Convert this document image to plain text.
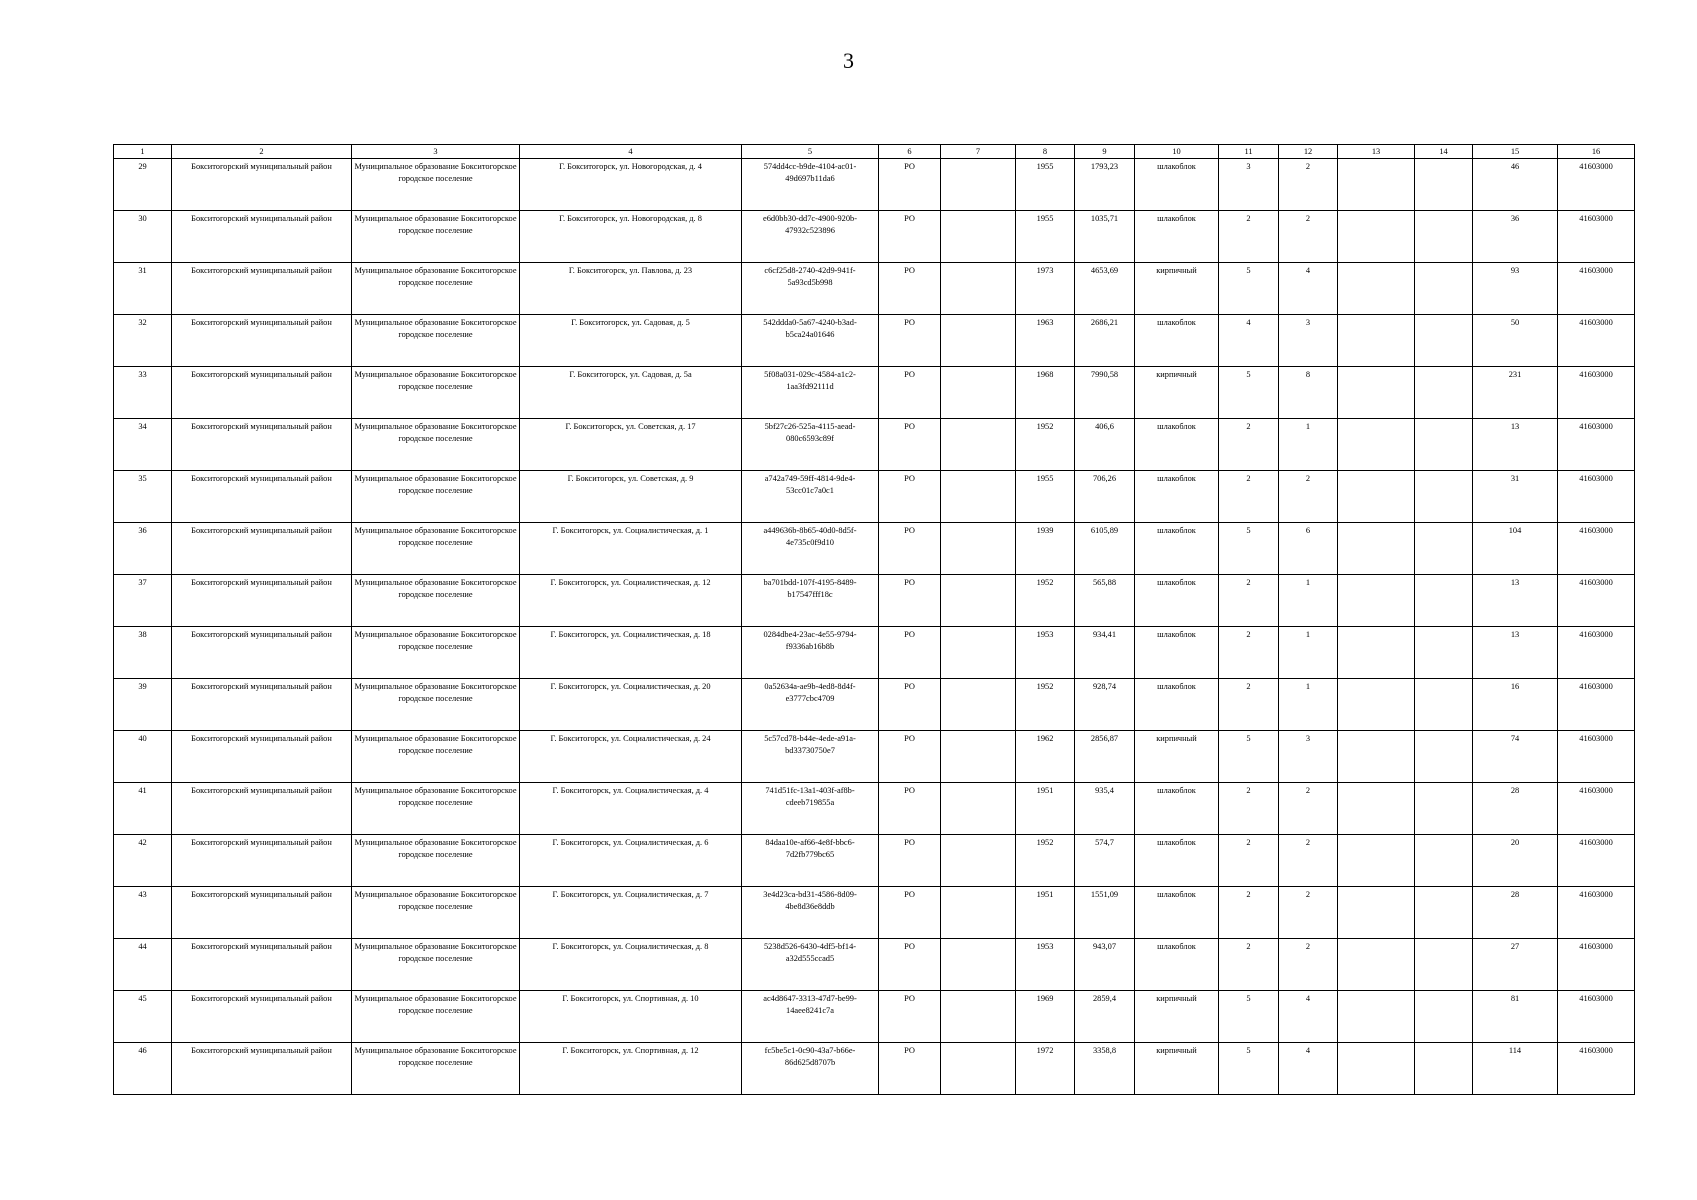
3
1	2	3	4	5	6	7	8	9	10	11	12	13	14	15	16
29	Бокситогорский муниципальный район	Муниципальное образование Бокситогорское городское поселение	Г. Бокситогорск, ул. Новогородская, д. 4	574dd4cc-b9de-4104-ac01-49d697b11da6	РО		1955	1793,23	шлакоблок	3	2			46	41603000
30	Бокситогорский муниципальный район	Муниципальное образование Бокситогорское городское поселение	Г. Бокситогорск, ул. Новогородская, д. 8	e6d0bb30-dd7c-4900-920b-47932c523896	РО		1955	1035,71	шлакоблок	2	2			36	41603000
31	Бокситогорский муниципальный район	Муниципальное образование Бокситогорское городское поселение	Г. Бокситогорск, ул. Павлова, д. 23	c6cf25d8-2740-42d9-941f-5a93cd5b998	РО		1973	4653,69	кирпичный	5	4			93	41603000
32	Бокситогорский муниципальный район	Муниципальное образование Бокситогорское городское поселение	Г. Бокситогорск, ул. Садовая, д. 5	542ddda0-5a67-4240-b3ad-b5ca24a01646	РО		1963	2686,21	шлакоблок	4	3			50	41603000
33	Бокситогорский муниципальный район	Муниципальное образование Бокситогорское городское поселение	Г. Бокситогорск, ул. Садовая, д. 5а	5f08a031-029c-4584-a1c2-1aa3fd92111d	РО		1968	7990,58	кирпичный	5	8			231	41603000
34	Бокситогорский муниципальный район	Муниципальное образование Бокситогорское городское поселение	Г. Бокситогорск, ул. Советская, д. 17	5bf27c26-525a-4115-aead-080c6593c89f	РО		1952	406,6	шлакоблок	2	1			13	41603000
35	Бокситогорский муниципальный район	Муниципальное образование Бокситогорское городское поселение	Г. Бокситогорск, ул. Советская, д. 9	a742a749-59ff-4814-9de4-53cc01c7a0c1	РО		1955	706,26	шлакоблок	2	2			31	41603000
36	Бокситогорский муниципальный район	Муниципальное образование Бокситогорское городское поселение	Г. Бокситогорск, ул. Социалистическая, д. 1	a449636b-8b65-40d0-8d5f-4e735c0f9d10	РО		1939	6105,89	шлакоблок	5	6			104	41603000
37	Бокситогорский муниципальный район	Муниципальное образование Бокситогорское городское поселение	Г. Бокситогорск, ул. Социалистическая, д. 12	ba701bdd-107f-4195-8489-b17547fff18c	РО		1952	565,88	шлакоблок	2	1			13	41603000
38	Бокситогорский муниципальный район	Муниципальное образование Бокситогорское городское поселение	Г. Бокситогорск, ул. Социалистическая, д. 18	0284dbe4-23ac-4e55-9794-f9336ab16b8b	РО		1953	934,41	шлакоблок	2	1			13	41603000
39	Бокситогорский муниципальный район	Муниципальное образование Бокситогорское городское поселение	Г. Бокситогорск, ул. Социалистическая, д. 20	0a52634a-ae9b-4ed8-8d4f-e3777cbc4709	РО		1952	928,74	шлакоблок	2	1			16	41603000
40	Бокситогорский муниципальный район	Муниципальное образование Бокситогорское городское поселение	Г. Бокситогорск, ул. Социалистическая, д. 24	5c57cd78-b44e-4ede-a91a-bd33730750e7	РО		1962	2856,87	кирпичный	5	3			74	41603000
41	Бокситогорский муниципальный район	Муниципальное образование Бокситогорское городское поселение	Г. Бокситогорск, ул. Социалистическая, д. 4	741d51fc-13a1-403f-af8b-cdeeb719855a	РО		1951	935,4	шлакоблок	2	2			28	41603000
42	Бокситогорский муниципальный район	Муниципальное образование Бокситогорское городское поселение	Г. Бокситогорск, ул. Социалистическая, д. 6	84daa10e-af66-4e8f-bbc6-7d2fb779bc65	РО		1952	574,7	шлакоблок	2	2			20	41603000
43	Бокситогорский муниципальный район	Муниципальное образование Бокситогорское городское поселение	Г. Бокситогорск, ул. Социалистическая, д. 7	3e4d23ca-bd31-4586-8d09-4be8d36e8ddb	РО		1951	1551,09	шлакоблок	2	2			28	41603000
44	Бокситогорский муниципальный район	Муниципальное образование Бокситогорское городское поселение	Г. Бокситогорск, ул. Социалистическая, д. 8	5238d526-6430-4df5-bf14-a32d555ccad5	РО		1953	943,07	шлакоблок	2	2			27	41603000
45	Бокситогорский муниципальный район	Муниципальное образование Бокситогорское городское поселение	Г. Бокситогорск, ул. Спортивная, д. 10	ac4d8647-3313-47d7-be99-14aee8241c7a	РО		1969	2859,4	кирпичный	5	4			81	41603000
46	Бокситогорский муниципальный район	Муниципальное образование Бокситогорское городское поселение	Г. Бокситогорск, ул. Спортивная, д. 12	fc5be5c1-0c90-43a7-b66e-86d625d8707b	РО		1972	3358,8	кирпичный	5	4			114	41603000
